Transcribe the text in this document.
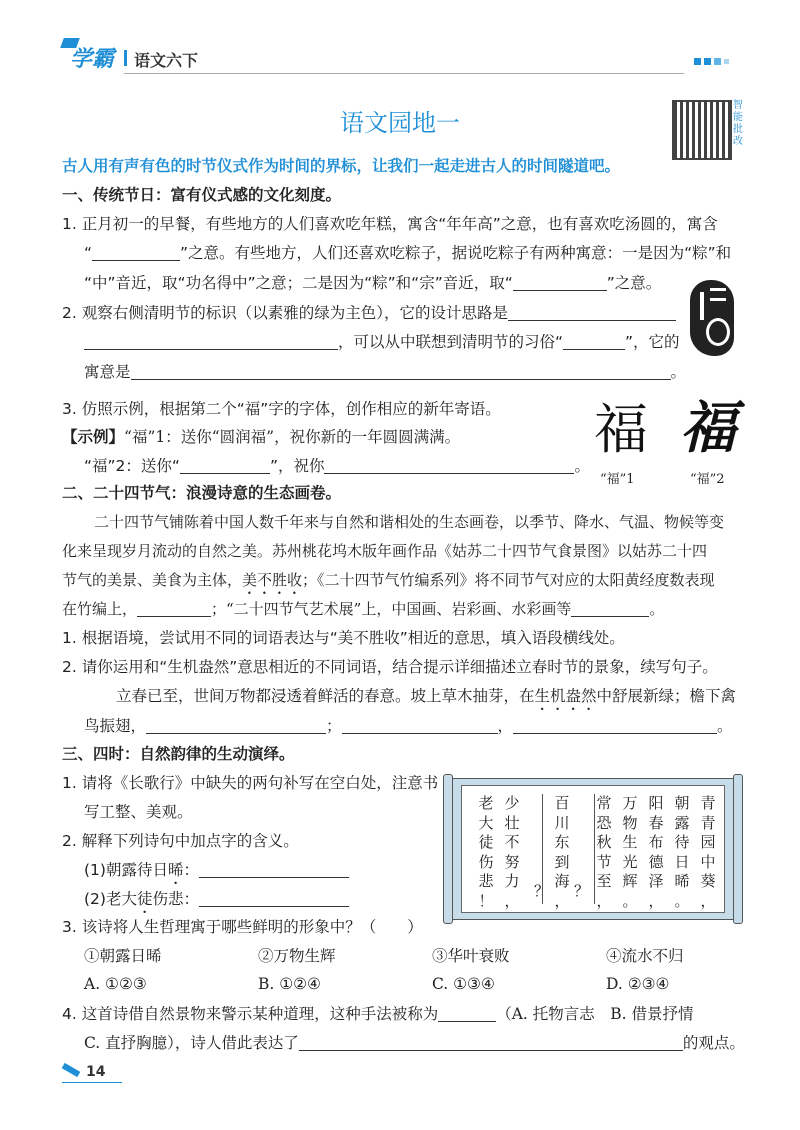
学霸 语文六下
语文园地一
智能批改
古人用有声有色的时节仪式作为时间的界标，让我们一起走进古人的时间隧道吧。
一、传统节日：富有仪式感的文化刻度。
1. 正月初一的早餐，有些地方的人们喜欢吃年糕，寓含“年年高”之意，也有喜欢吃汤圆的，寓含
“	”之意。有些地方，人们还喜欢吃粽子，据说吃粽子有两种寓意：一是因为“粽”和
“中”音近，取“功名得中”之意；二是因为“粽”和“宗”音近，取“	”之意。
2. 观察右侧清明节的标识（以素雅的绿为主色），它的设计思路是
，可以从中联想到清明节的习俗“	”，它的
寓意是	。
3. 仿照示例，根据第二个“福”字的字体，创作相应的新年寄语。
【示例】“福”1：送你“圆润福”，祝你新的一年圆圆满满。
“福”2：送你“	”，祝你	。
福 福
“福”1	“福”2
二、二十四节气：浪漫诗意的生态画卷。
二十四节气铺陈着中国人数千年来与自然和谐相处的生态画卷，以季节、降水、气温、物候等变
化来呈现岁月流动的自然之美。苏州桃花坞木版年画作品《姑苏二十四节气食景图》以姑苏二十四
节气的美景、美食为主体，美不胜收；《二十四节气竹编系列》将不同节气对应的太阳黄经度数表现
在竹编上，	；“二十四节气艺术展”上，中国画、岩彩画、水彩画等	。
1. 根据语境，尝试用不同的词语表达与“美不胜收”相近的意思，填入语段横线处。
2. 请你运用和“生机盎然”意思相近的不同词语，结合提示详细描述立春时节的景象，续写句子。
立春已至，世间万物都浸透着鲜活的春意。坡上草木抽芽，在生机盎然中舒展新绿；檐下禽
鸟振翅，	；	，	。
三、四时：自然韵律的生动演绎。
1. 请将《长歌行》中缺失的两句补写在空白处，注意书
写工整、美观。
2. 解释下列诗句中加点字的含义。
(1)朝露待日晞：
(2)老大徒伤悲：
3. 该诗将人生哲理寓于哪些鲜明的形象中？（　　）
①朝露日晞	②万物生辉	③华叶衰败	④流水不归
A. ①②③	B. ①②④	C. ①③④	D. ②③④
4. 这首诗借自然景物来警示某种道理，这种手法被称为	（A. 托物言志　B. 借景抒情
C. 直抒胸臆），诗人借此表达了	的观点。
青
青
园
中
葵
，
朝
露
待
日
晞
。
阳
春
布
德
泽
，
万
物
生
光
辉
。
常
恐
秋
节
至
，
？
百
川
东
到
海
，
？
少
壮
不
努
力
，
老
大
徒
伤
悲
！
14
